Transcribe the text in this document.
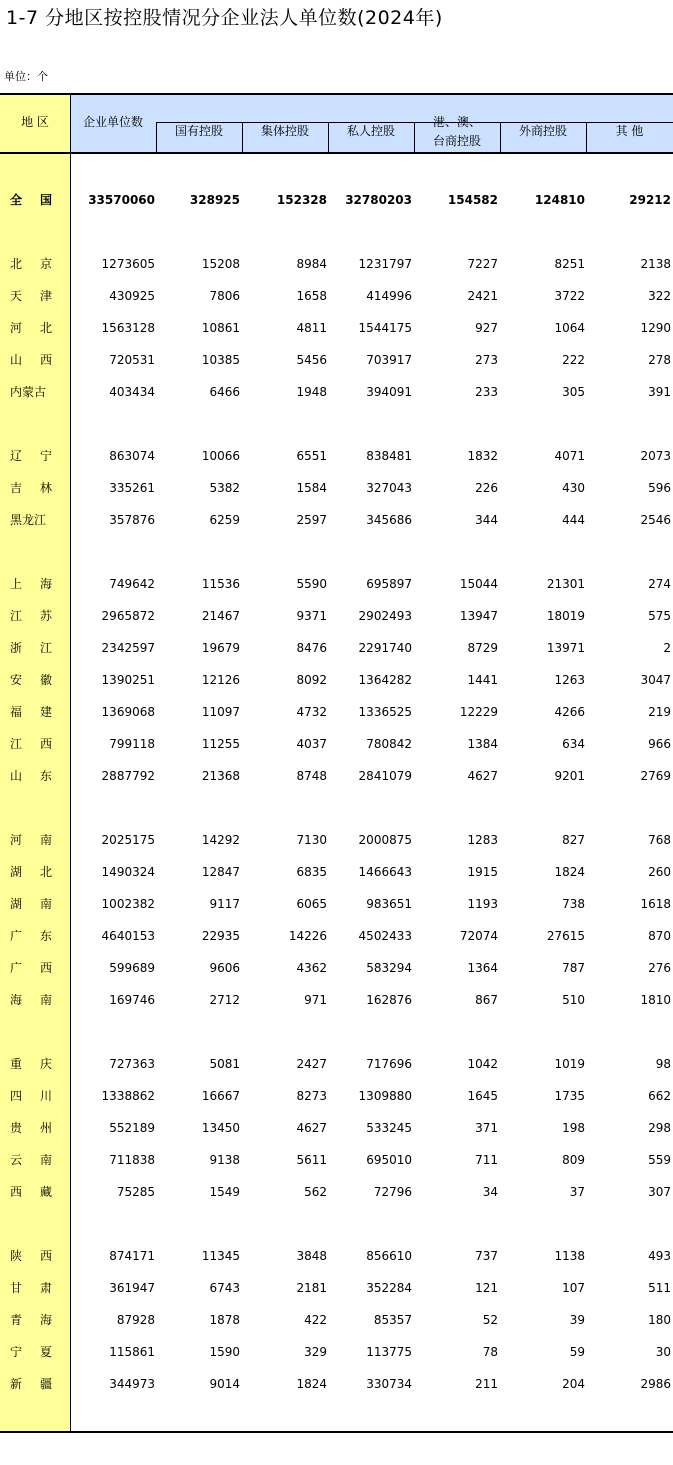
1-7 分地区按控股情况分企业法人单位数(2024年)
单位：个
地 区	企业单位数
国有控股	集体控股	私人控股
港、澳、
台商控股
外商控股	其 他
全 国	33570060	328925	152328	32780203	154582	124810	29212
北 京	1273605	15208	8984	1231797	7227	8251	2138
天 津	430925	7806	1658	414996	2421	3722	322
河 北	1563128	10861	4811	1544175	927	1064	1290
山 西	720531	10385	5456	703917	273	222	278
内 蒙 古	403434	6466	1948	394091	233	305	391
辽 宁	863074	10066	6551	838481	1832	4071	2073
吉 林	335261	5382	1584	327043	226	430	596
黑 龙 江	357876	6259	2597	345686	344	444	2546
上 海	749642	11536	5590	695897	15044	21301	274
江 苏	2965872	21467	9371	2902493	13947	18019	575
浙 江	2342597	19679	8476	2291740	8729	13971	2
安 徽	1390251	12126	8092	1364282	1441	1263	3047
福 建	1369068	11097	4732	1336525	12229	4266	219
江 西	799118	11255	4037	780842	1384	634	966
山 东	2887792	21368	8748	2841079	4627	9201	2769
河 南	2025175	14292	7130	2000875	1283	827	768
湖 北	1490324	12847	6835	1466643	1915	1824	260
湖 南	1002382	9117	6065	983651	1193	738	1618
广 东	4640153	22935	14226	4502433	72074	27615	870
广 西	599689	9606	4362	583294	1364	787	276
海 南	169746	2712	971	162876	867	510	1810
重 庆	727363	5081	2427	717696	1042	1019	98
四 川	1338862	16667	8273	1309880	1645	1735	662
贵 州	552189	13450	4627	533245	371	198	298
云 南	711838	9138	5611	695010	711	809	559
西 藏	75285	1549	562	72796	34	37	307
陕 西	874171	11345	3848	856610	737	1138	493
甘 肃	361947	6743	2181	352284	121	107	511
青 海	87928	1878	422	85357	52	39	180
宁 夏	115861	1590	329	113775	78	59	30
新 疆	344973	9014	1824	330734	211	204	2986
